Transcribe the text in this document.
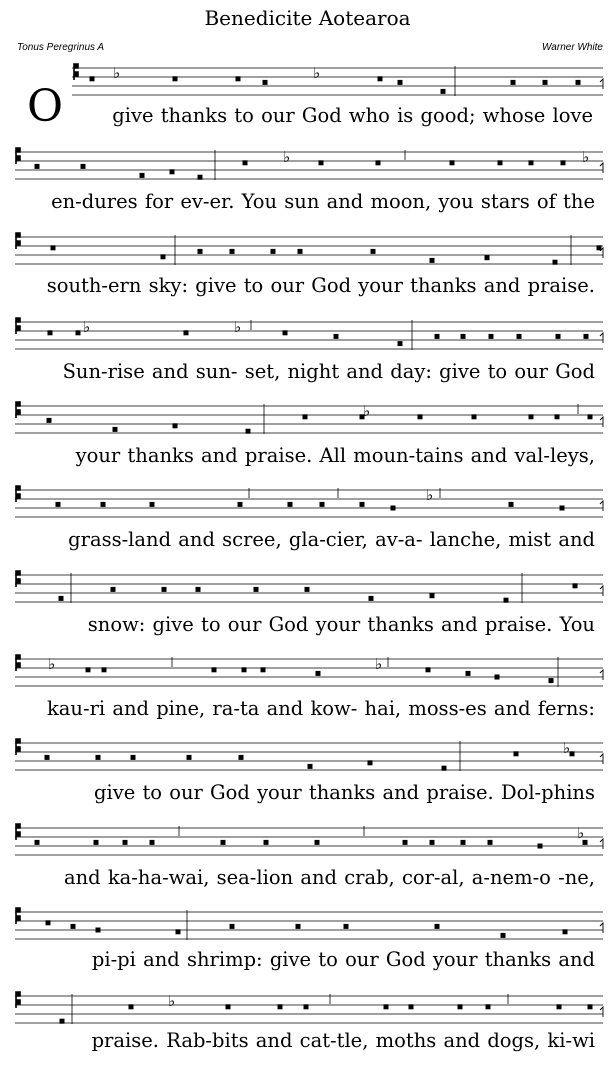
Benedicite Aotearoa
Tonus Peregrinus A	Warner White
O
♭	♭
give thanks to our God who is good; whose love
♭	♭
en-dures for ev-er. You sun and moon, you stars of the
south-ern sky: give to our God your thanks and praise.
♭	♭
Sun-rise and sun- set, night and day: give to our God
♭
your thanks and praise. All moun-tains and val-leys,
♭
grass-land and scree, gla-cier, av-a- lanche, mist and
snow: give to our God your thanks and praise. You
♭	♭
kau-ri and pine, ra-ta and kow- hai, moss-es and ferns:
♭
give to our God your thanks and praise. Dol-phins
♭
and ka-ha-wai, sea-lion and crab, cor-al, a-nem-o -ne,
pi-pi and shrimp: give to our God your thanks and
♭
praise. Rab-bits and cat-tle, moths and dogs, ki-wi
